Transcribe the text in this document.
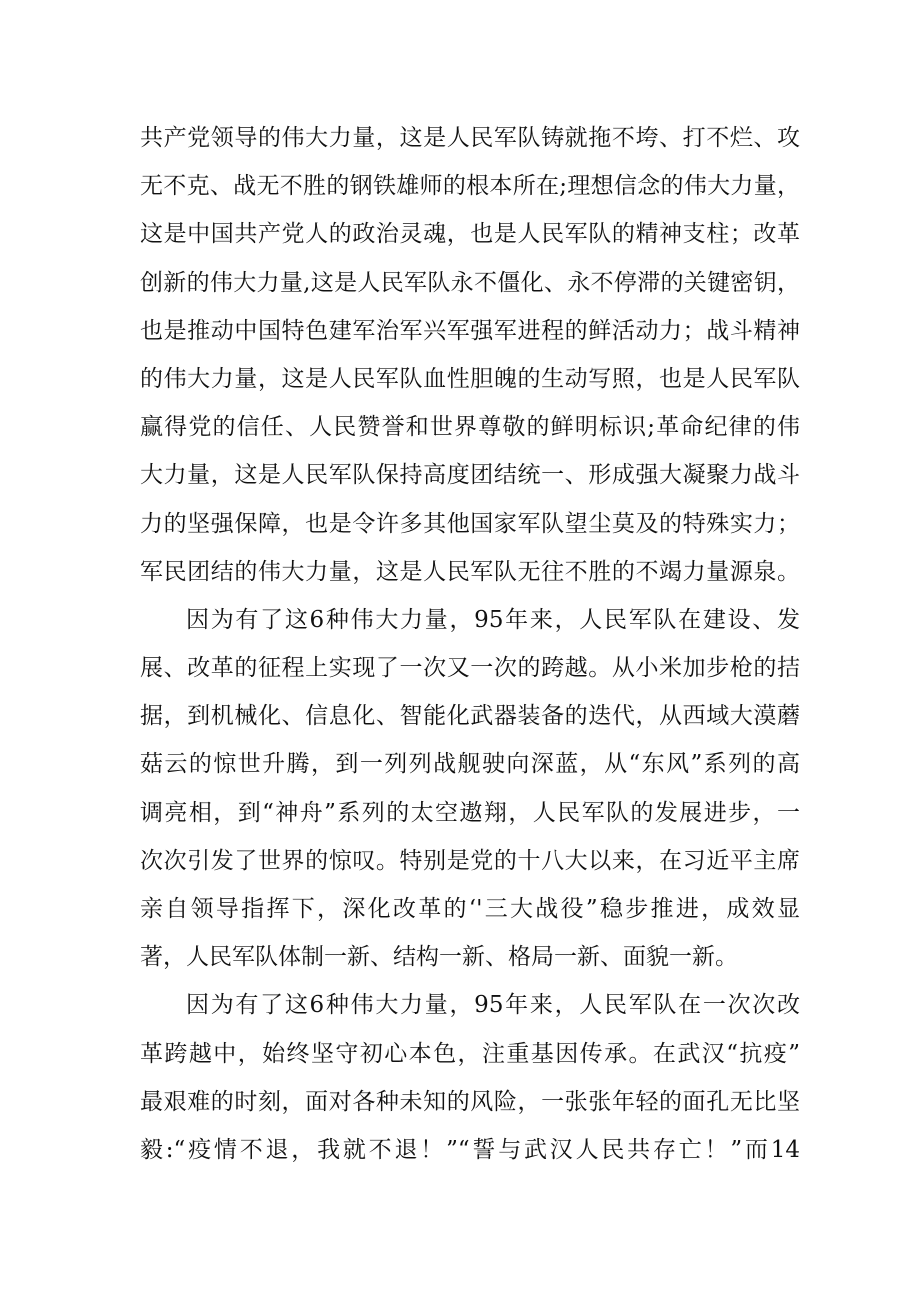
共产党领导的伟大力量，这是人民军队铸就拖不垮、打不烂、攻
无不克、战无不胜的钢铁雄师的根本所在;理想信念的伟大力量，
这是中国共产党人的政治灵魂，也是人民军队的精神支柱；改革
创新的伟大力量,这是人民军队永不僵化、永不停滞的关键密钥，
也是推动中国特色建军治军兴军强军进程的鲜活动力；战斗精神
的伟大力量，这是人民军队血性胆魄的生动写照，也是人民军队
赢得党的信任、人民赞誉和世界尊敬的鲜明标识;革命纪律的伟
大力量，这是人民军队保持高度团结统一、形成强大凝聚力战斗
力的坚强保障，也是令许多其他国家军队望尘莫及的特殊实力；
军民团结的伟大力量，这是人民军队无往不胜的不竭力量源泉。
因为有了这6种伟大力量，95年来，人民军队在建设、发
展、改革的征程上实现了一次又一次的跨越。从小米加步枪的拮
据，到机械化、信息化、智能化武器装备的迭代，从西域大漠蘑
菇云的惊世升腾，到一列列战舰驶向深蓝，从“东风”系列的高
调亮相，到“神舟”系列的太空遨翔，人民军队的发展进步，一
次次引发了世界的惊叹。特别是党的十八大以来，在习近平主席
亲自领导指挥下，深化改革的‘'三大战役”稳步推进，成效显
著，人民军队体制一新、结构一新、格局一新、面貌一新。
因为有了这6种伟大力量，95年来，人民军队在一次次改
革跨越中，始终坚守初心本色，注重基因传承。在武汉“抗疫”
最艰难的时刻，面对各种未知的风险，一张张年轻的面孔无比坚
毅:“疫情不退，我就不退！”“誓与武汉人民共存亡！”而14
